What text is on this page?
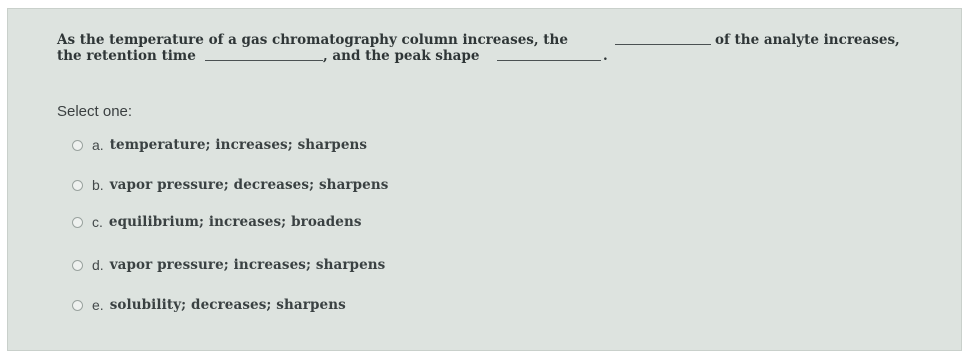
As the temperature of a gas chromatography column increases, the	of the analyte increases,
the retention time	, and the peak shape	.
Select one:
a. temperature; increases; sharpens
b. vapor pressure; decreases; sharpens
c. equilibrium; increases; broadens
d. vapor pressure; increases; sharpens
e. solubility; decreases; sharpens
